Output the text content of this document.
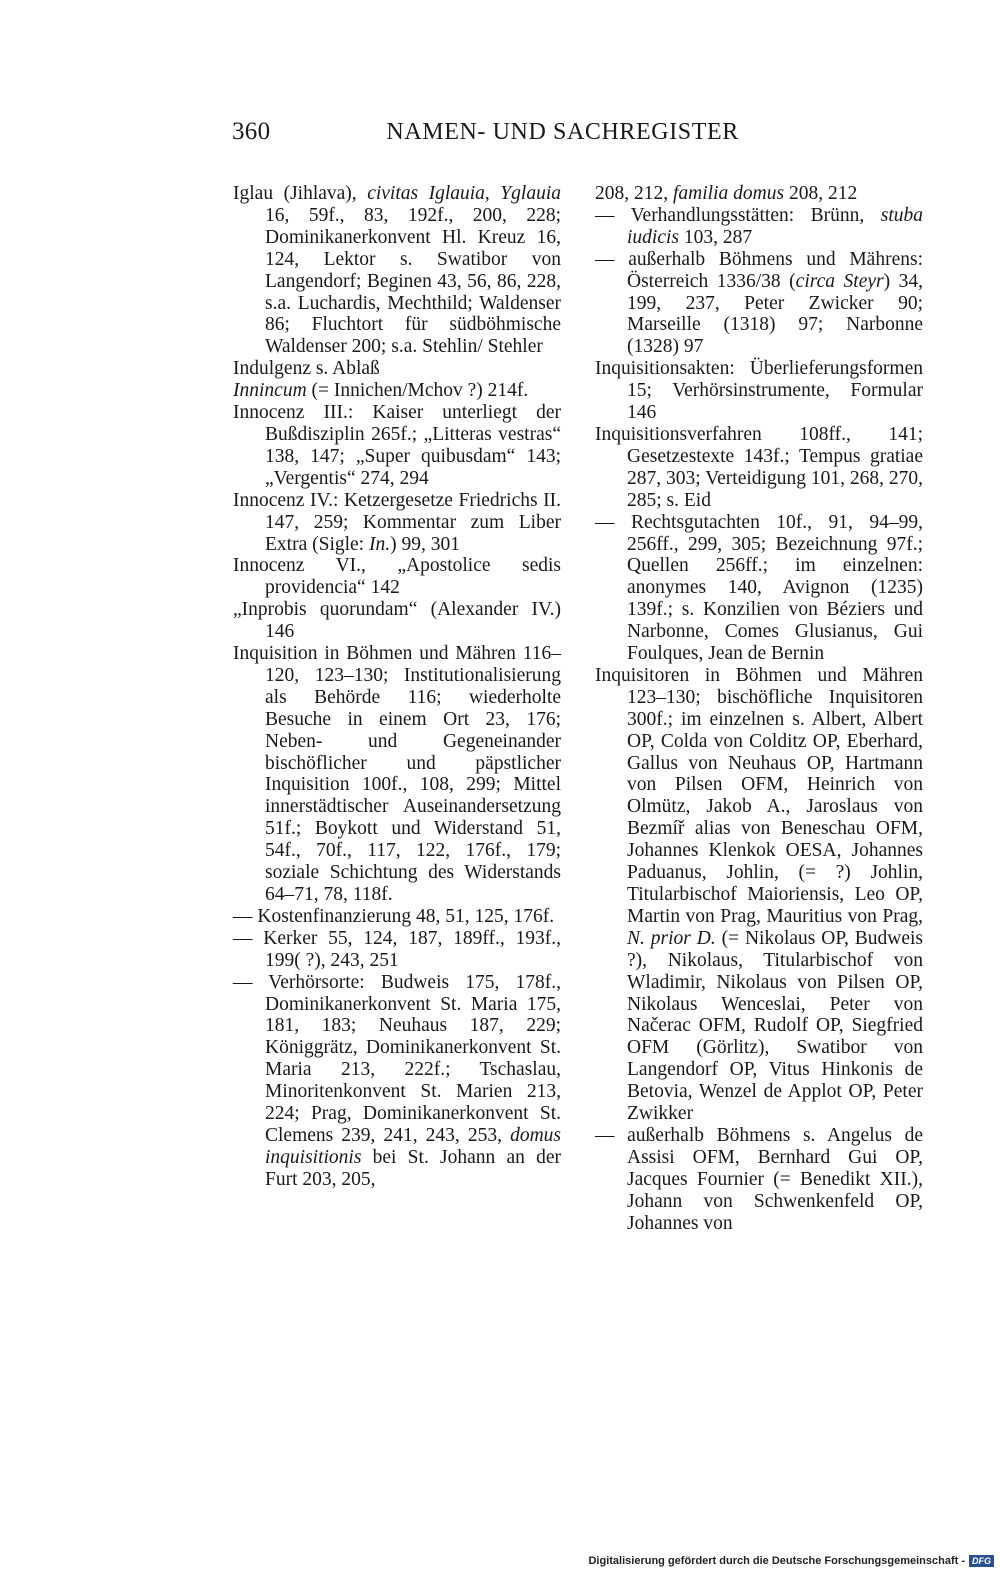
360	NAMEN- UND SACHREGISTER

Iglau (Jihlava), civitas Iglauia, Yglauia 16, 59f., 83, 192f., 200, 228; Dominikanerkonvent Hl. Kreuz 16, 124, Lektor s. Swatibor von Langendorf; Beginen 43, 56, 86, 228, s.a. Luchardis, Mechthild; Waldenser 86; Fluchtort für südböhmische Waldenser 200; s.a. Stehlin/ Stehler

Indulgenz s. Ablaß

Innincum (= Innichen/Mchov ?) 214f.

Innocenz III.: Kaiser unterliegt der Bußdisziplin 265f.; „Litteras vestras“ 138, 147; „Super quibusdam“ 143; „Vergentis“ 274, 294

Innocenz IV.: Ketzergesetze Friedrichs II. 147, 259; Kommentar zum Liber Extra (Sigle: In.) 99, 301

Innocenz VI., „Apostolice sedis providencia“ 142

„Inprobis quorundam“ (Alexander IV.) 146

Inquisition in Böhmen und Mähren 116–120, 123–130; Institutionalisierung als Behörde 116; wiederholte Besuche in einem Ort 23, 176; Neben- und Gegeneinander bischöflicher und päpstlicher Inquisition 100f., 108, 299; Mittel innerstädtischer Auseinandersetzung 51f.; Boykott und Widerstand 51, 54f., 70f., 117, 122, 176f., 179; soziale Schichtung des Widerstands 64–71, 78, 118f.

— Kostenfinanzierung 48, 51, 125, 176f.

— Kerker 55, 124, 187, 189ff., 193f., 199( ?), 243, 251

— Verhörsorte: Budweis 175, 178f., Dominikanerkonvent St. Maria 175, 181, 183; Neuhaus 187, 229; Königgrätz, Dominikanerkonvent St. Maria 213, 222f.; Tschaslau, Minoritenkonvent St. Marien 213, 224; Prag, Dominikanerkonvent St. Clemens 239, 241, 243, 253, domus inquisitionis bei St. Johann an der Furt 203, 205,

208, 212, familia domus 208, 212

— Verhandlungsstätten: Brünn, stuba iudicis 103, 287

— außerhalb Böhmens und Mährens: Österreich 1336/38 (circa Steyr) 34, 199, 237, Peter Zwicker 90; Marseille (1318) 97; Narbonne (1328) 97

Inquisitionsakten: Überlieferungsformen 15; Verhörsinstrumente, Formular 146

Inquisitionsverfahren 108ff., 141; Gesetzestexte 143f.; Tempus gratiae 287, 303; Verteidigung 101, 268, 270, 285; s. Eid

— Rechtsgutachten 10f., 91, 94–99, 256ff., 299, 305; Bezeichnung 97f.; Quellen 256ff.; im einzelnen: anonymes 140, Avignon (1235) 139f.; s. Konzilien von Béziers und Narbonne, Comes Glusianus, Gui Foulques, Jean de Bernin

Inquisitoren in Böhmen und Mähren 123–130; bischöfliche Inquisitoren 300f.; im einzelnen s. Albert, Albert OP, Colda von Colditz OP, Eberhard, Gallus von Neuhaus OP, Hartmann von Pilsen OFM, Heinrich von Olmütz, Jakob A., Jaroslaus von Bezmíř alias von Beneschau OFM, Johannes Klenkok OESA, Johannes Paduanus, Johlin, (= ?) Johlin, Titularbischof Maioriensis, Leo OP, Martin von Prag, Mauritius von Prag, N. prior D. (= Nikolaus OP, Budweis ?), Nikolaus, Titularbischof von Wladimir, Nikolaus von Pilsen OP, Nikolaus Wenceslai, Peter von Načerac OFM, Rudolf OP, Siegfried OFM (Görlitz), Swatibor von Langendorf OP, Vitus Hinkonis de Betovia, Wenzel de Applot OP, Peter Zwikker

— außerhalb Böhmens s. Angelus de Assisi OFM, Bernhard Gui OP, Jacques Fournier (= Benedikt XII.), Johann von Schwenkenfeld OP, Johannes von

Digitalisierung gefördert durch die Deutsche Forschungsgemeinschaft - DFG
